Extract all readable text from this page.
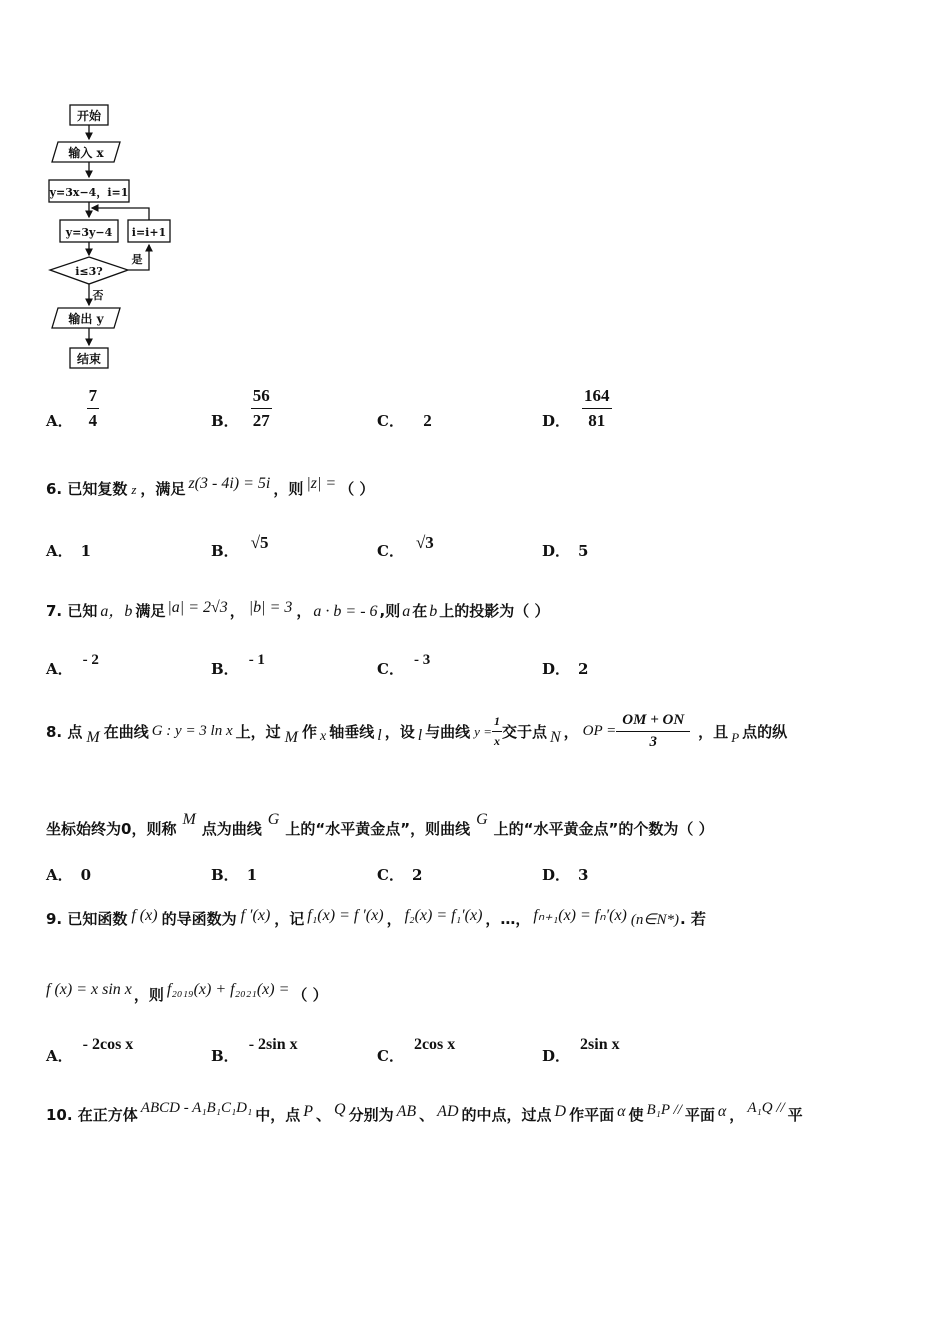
开始
输入 x
y=3x−4，i=1
y=3y−4 i=i+1
i≤3?
是
否
输出 y
结束
A． $\frac{7}{4}$	B． $\frac{56}{27}$	C． 2	D． $\frac{164}{81}$
6. 已知复数 z ，满足 z(3 - 4i) = 5i ，则 |z| = （ ）
A． 1	B． √5	C． √3	D． 5
7. 已知 a，b 满足 |a| = 2√3 ， |b| = 3 ， a · b = - 6 ,则 a 在 b 上的投影为（ ）
A． - 2	B． - 1	C． - 3	D． 2
8. 点 M 在曲线 G : y = 3 ln x 上，过 M 作 x 轴垂线 l ，设 l 与曲线 $y = \frac{1}{x}$ 交于点 N ， OP = $\frac{OM + ON}{3}$ ，且 P 点的纵
坐标始终为0，则称M点为曲线G上的“水平黄金点”，则曲线G上的“水平黄金点”的个数为（ ）
A． 0	B． 1	C． 2	D． 3
9. 已知函数 f (x) 的导函数为 f ′(x) ，记 f₁(x) = f ′(x) ， f₂(x) = f₁′(x) ，…， fₙ₊₁(x) = fₙ′(x) (n∈N*). 若
f (x) = x sin x ，则 f₂₀₁₉(x) + f₂₀₂₁(x) = （ ）
A．- 2cos x
B．- 2sin x
C．2cos x
D．2sin x
10. 在正方体 ABCD - A₁B₁C₁D₁ 中，点 P 、 Q 分别为 AB 、 AD 的中点，过点 D 作平面 α 使 B₁P // 平面 α ， A₁Q // 平
